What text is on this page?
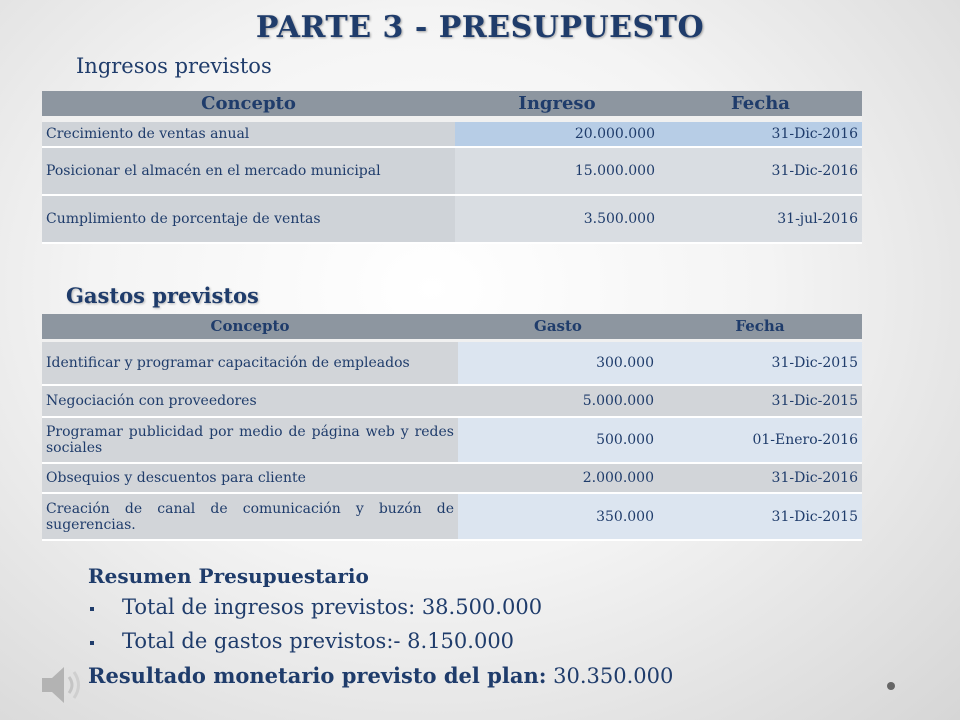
PARTE 3 - PRESUPUESTO
Ingresos previstos
Concepto	Ingreso	Fecha
Crecimiento de ventas anual	20.000.000	31-Dic-2016
Posicionar el almacén en el mercado municipal	15.000.000	31-Dic-2016
Cumplimiento de porcentaje de ventas	3.500.000	31-jul-2016
Gastos previstos
Concepto	Gasto	Fecha
Identificar y programar capacitación de empleados	300.000	31-Dic-2015
Negociación con proveedores	5.000.000	31-Dic-2015
Programar publicidad por medio de página web y redes sociales	500.000	01-Enero-2016
Obsequios y descuentos para cliente	2.000.000	31-Dic-2016
Creación de canal de comunicación y buzón de sugerencias.	350.000	31-Dic-2015
Resumen Presupuestario
Total de ingresos previstos: 38.500.000
Total de gastos previstos:- 8.150.000
Resultado monetario previsto del plan: 30.350.000
